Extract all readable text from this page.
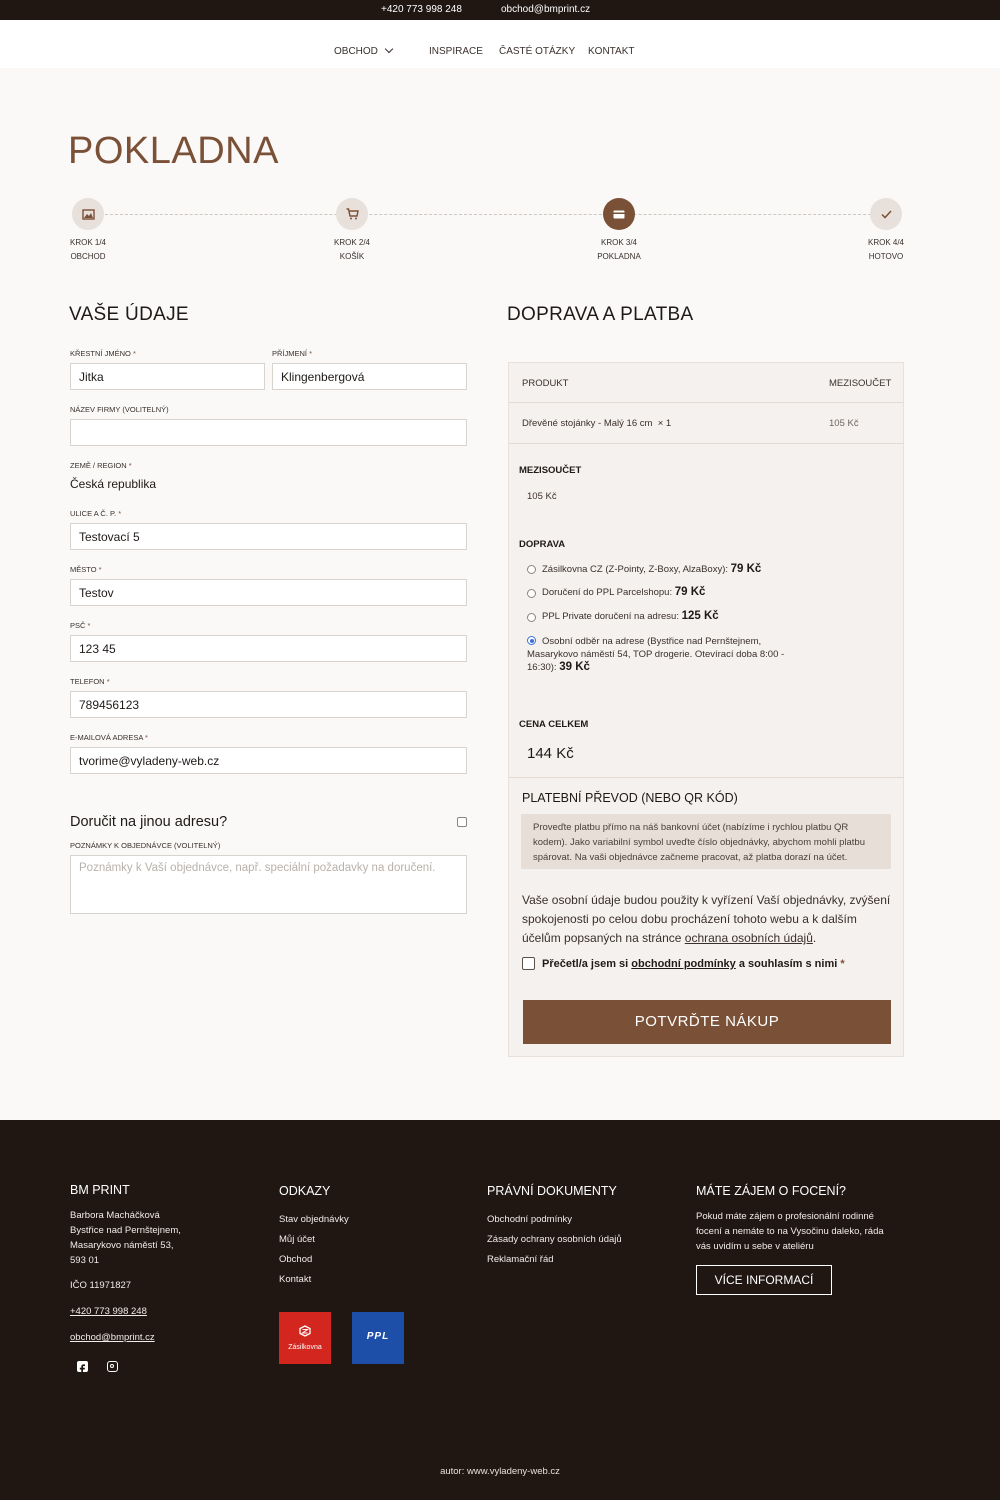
+420 773 998 248	obchod@bmprint.cz
OBCHOD	INSPIRACE ČASTÉ OTÁZKY KONTAKT
POKLADNA
KROK 1/4
OBCHOD
KROK 2/4
KOŠÍK
KROK 3/4
POKLADNA
KROK 4/4
HOTOVO
VAŠE ÚDAJE
KŘESTNÍ JMÉNO *
Jitka
PŘÍJMENÍ *
Klingenbergová
NÁZEV FIRMY (VOLITELNÝ)
ZEMĚ / REGION *
Česká republika
ULICE A Č. P. *
Testovací 5
MĚSTO *
Testov
PSČ *
123 45
TELEFON *
789456123
E-MAILOVÁ ADRESA *
tvorime@vyladeny-web.cz
Doručit na jinou adresu?
POZNÁMKY K OBJEDNÁVCE (VOLITELNÝ)
Poznámky k Vaší objednávce, např. speciální požadavky na doručení.
DOPRAVA A PLATBA
PRODUKT	MEZISOUČET
Dřevěné stojánky - Malý 16 cm × 1	105 Kč
MEZISOUČET
105 Kč
DOPRAVA
Zásilkovna CZ (Z-Pointy, Z-Boxy, AlzaBoxy): 79 Kč
Doručení do PPL Parcelshopu: 79 Kč
PPL Private doručení na adresu: 125 Kč
Osobní odběr na adrese (Bystřice nad Pernštejnem, Masarykovo náměstí 54, TOP drogerie. Otevírací doba 8:00 - 16:30): 39 Kč
CENA CELKEM
144 Kč
PLATEBNÍ PŘEVOD (NEBO QR KÓD)
Proveďte platbu přímo na náš bankovní účet (nabízíme i rychlou platbu QR kodem). Jako variabilní symbol uveďte číslo objednávky, abychom mohli platbu spárovat. Na vaši objednávce začneme pracovat, až platba dorazí na účet.
Vaše osobní údaje budou použity k vyřízení Vaší objednávky, zvýšení spokojenosti po celou dobu procházení tohoto webu a k dalším účelům popsaných na stránce ochrana osobních údajů.
Přečetl/a jsem si obchodní podmínky a souhlasím s nimi *
POTVRĎTE NÁKUP
BM PRINT
Barbora Macháčková
Bystřice nad Pernštejnem,
Masarykovo náměstí 53,
593 01
IČO 11971827
+420 773 998 248
obchod@bmprint.cz
ODKAZY
Stav objednávky
Můj účet
Obchod
Kontakt
Zásilkovna
PPL
PRÁVNÍ DOKUMENTY
Obchodní podmínky
Zásady ochrany osobních údajů
Reklamační řád
MÁTE ZÁJEM O FOCENÍ?
Pokud máte zájem o profesionální rodinné focení a nemáte to na Vysočinu daleko, ráda vás uvidím u sebe v ateliéru
VÍCE INFORMACÍ
autor: www.vyladeny-web.cz
